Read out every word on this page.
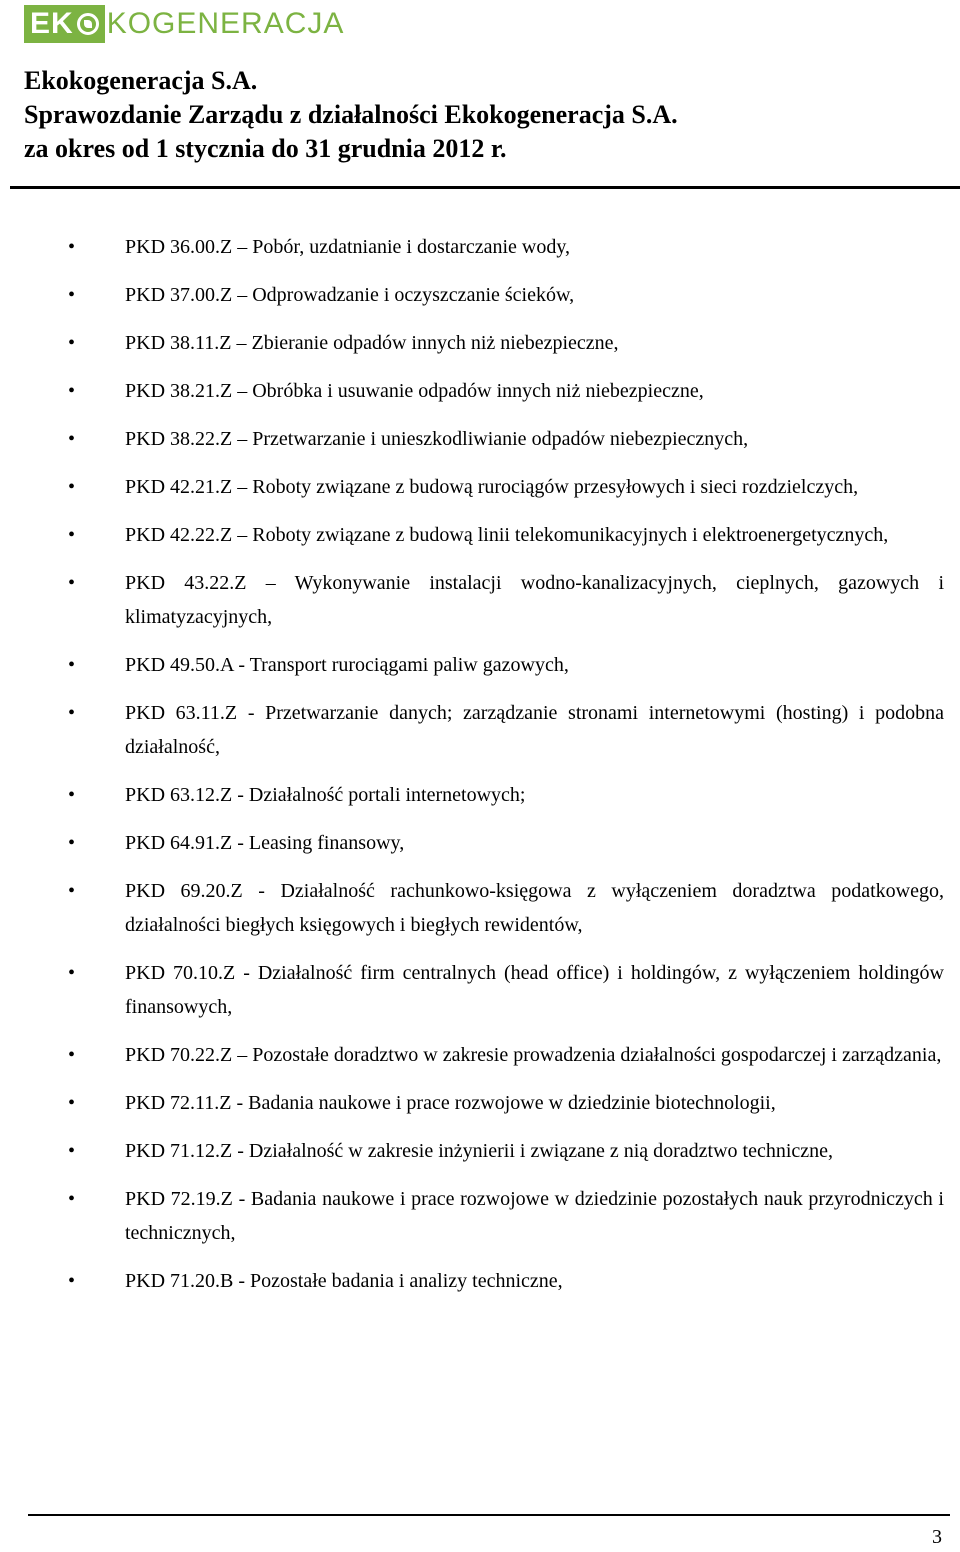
EK KOGENERACJA
Ekokogeneracja S.A.
Sprawozdanie Zarządu z działalności Ekokogeneracja S.A.
za okres od 1 stycznia do 31 grudnia 2012 r.
• PKD 36.00.Z – Pobór, uzdatnianie i dostarczanie wody,
• PKD 37.00.Z – Odprowadzanie i oczyszczanie ścieków,
• PKD 38.11.Z – Zbieranie odpadów innych niż niebezpieczne,
• PKD 38.21.Z – Obróbka i usuwanie odpadów innych niż niebezpieczne,
• PKD 38.22.Z – Przetwarzanie i unieszkodliwianie odpadów niebezpiecznych,
• PKD 42.21.Z – Roboty związane z budową rurociągów przesyłowych i sieci rozdzielczych,
• PKD 42.22.Z – Roboty związane z budową linii telekomunikacyjnych i elektroenergetycznych,
• PKD 43.22.Z – Wykonywanie instalacji wodno-kanalizacyjnych, cieplnych, gazowych i klimatyzacyjnych,
• PKD 49.50.A - Transport rurociągami paliw gazowych,
• PKD 63.11.Z - Przetwarzanie danych; zarządzanie stronami internetowymi (hosting) i podobna działalność,
• PKD 63.12.Z - Działalność portali internetowych;
• PKD 64.91.Z - Leasing finansowy,
• PKD 69.20.Z - Działalność rachunkowo-księgowa z wyłączeniem doradztwa podatkowego, działalności biegłych księgowych i biegłych rewidentów,
• PKD 70.10.Z - Działalność firm centralnych (head office) i holdingów, z wyłączeniem holdingów finansowych,
• PKD 70.22.Z – Pozostałe doradztwo w zakresie prowadzenia działalności gospodarczej i zarządzania,
• PKD 72.11.Z - Badania naukowe i prace rozwojowe w dziedzinie biotechnologii,
• PKD 71.12.Z - Działalność w zakresie inżynierii i związane z nią doradztwo techniczne,
• PKD 72.19.Z - Badania naukowe i prace rozwojowe w dziedzinie pozostałych nauk przyrodniczych i technicznych,
• PKD 71.20.B - Pozostałe badania i analizy techniczne,
3
